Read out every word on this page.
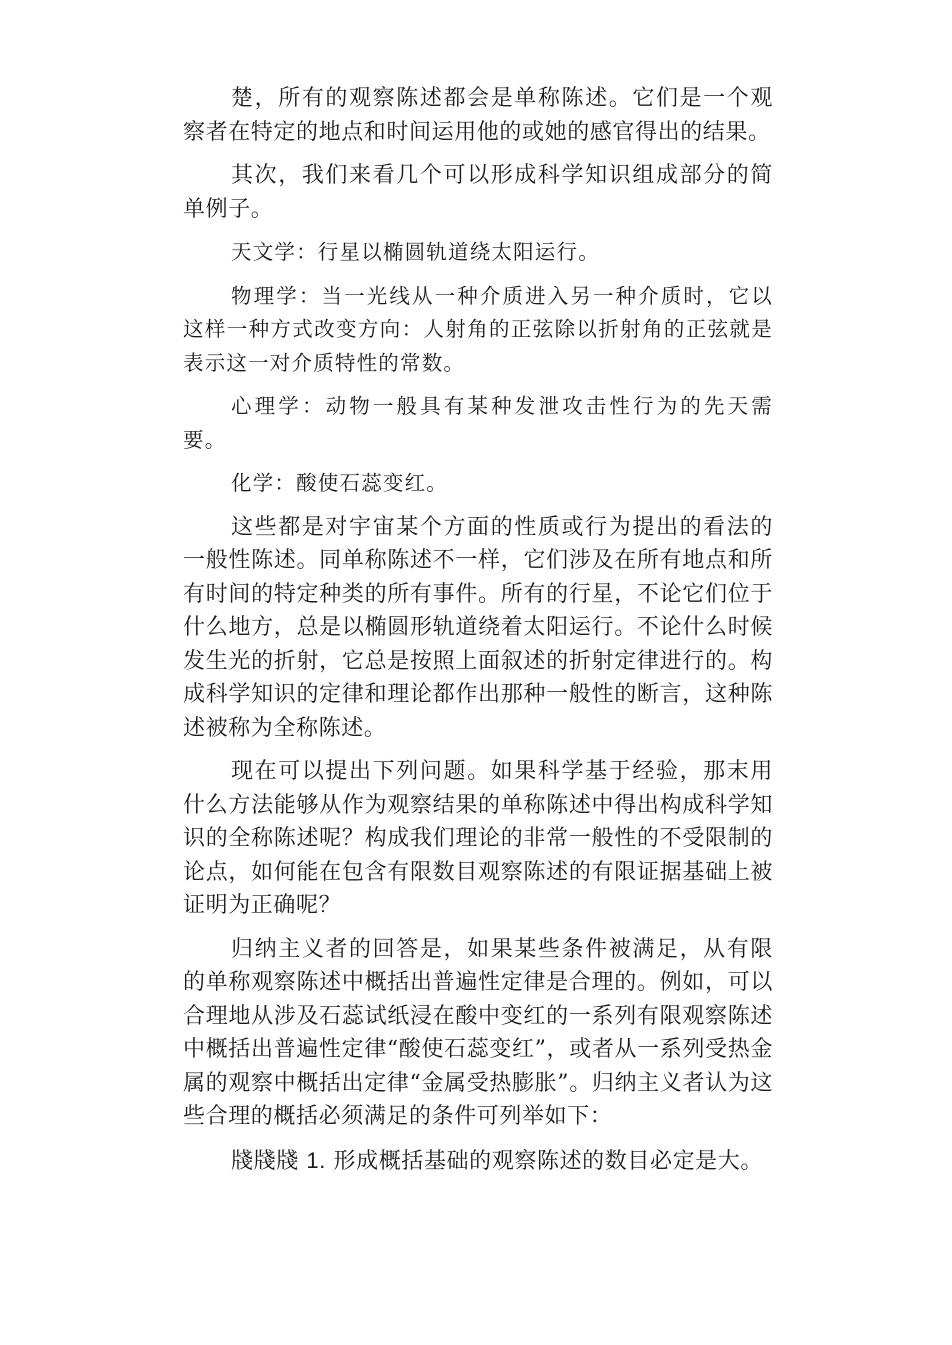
楚，所有的观察陈述都会是单称陈述。它们是一个观察者在特定的地点和时间运用他的或她的感官得出的结果。

其次，我们来看几个可以形成科学知识组成部分的简单例子。

天文学：行星以椭圆轨道绕太阳运行。

物理学：当一光线从一种介质进入另一种介质时，它以这样一种方式改变方向：人射角的正弦除以折射角的正弦就是表示这一对介质特性的常数。

心理学：动物一般具有某种发泄攻击性行为的先天需要。

化学：酸使石蕊变红。

这些都是对宇宙某个方面的性质或行为提出的看法的一般性陈述。同单称陈述不一样，它们涉及在所有地点和所有时间的特定种类的所有事件。所有的行星，不论它们位于什么地方，总是以椭圆形轨道绕着太阳运行。不论什么时候发生光的折射，它总是按照上面叙述的折射定律进行的。构成科学知识的定律和理论都作出那种一般性的断言，这种陈述被称为全称陈述。

现在可以提出下列问题。如果科学基于经验，那末用什么方法能够从作为观察结果的单称陈述中得出构成科学知识的全称陈述呢？构成我们理论的非常一般性的不受限制的论点，如何能在包含有限数目观察陈述的有限证据基础上被证明为正确呢？

归纳主义者的回答是，如果某些条件被满足，从有限的单称观察陈述中概括出普遍性定律是合理的。例如，可以合理地从涉及石蕊试纸浸在酸中变红的一系列有限观察陈述中概括出普遍性定律“酸使石蕊变红”，或者从一系列受热金属的观察中概括出定律“金属受热膨胀”。归纳主义者认为这些合理的概括必须满足的条件可列举如下：

牋牋牋 1. 形成概括基础的观察陈述的数目必定是大。
